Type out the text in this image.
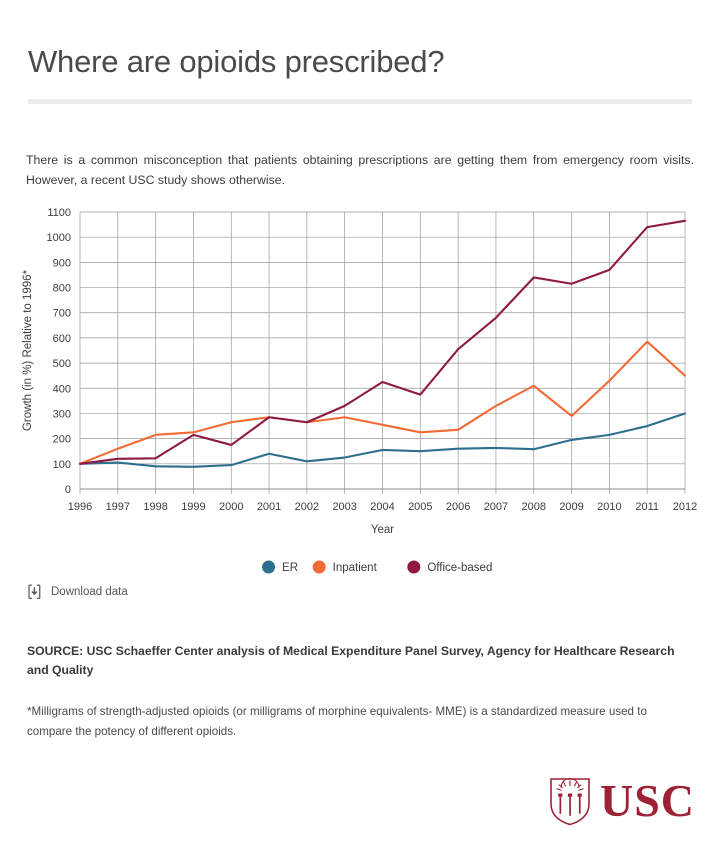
Where are opioids prescribed?

There is a common misconception that patients obtaining prescriptions are getting them from emergency room visits. However, a recent USC study shows otherwise.

0
100
200
300
400
500
600
700
800
900
1000
1100
1996 1997 1998 1999 2000 2001 2002 2003 2004 2005 2006 2007 2008 2009 2010 2011 2012
Growth (in %) Relative to 1996*
Year
ER	Inpatient	Office-based
Download data

SOURCE: USC Schaeffer Center analysis of Medical Expenditure Panel Survey, Agency for Healthcare Research and Quality

*Milligrams of strength-adjusted opioids (or milligrams of morphine equivalents- MME) is a standardized measure used to compare the potency of different opioids.

USC
